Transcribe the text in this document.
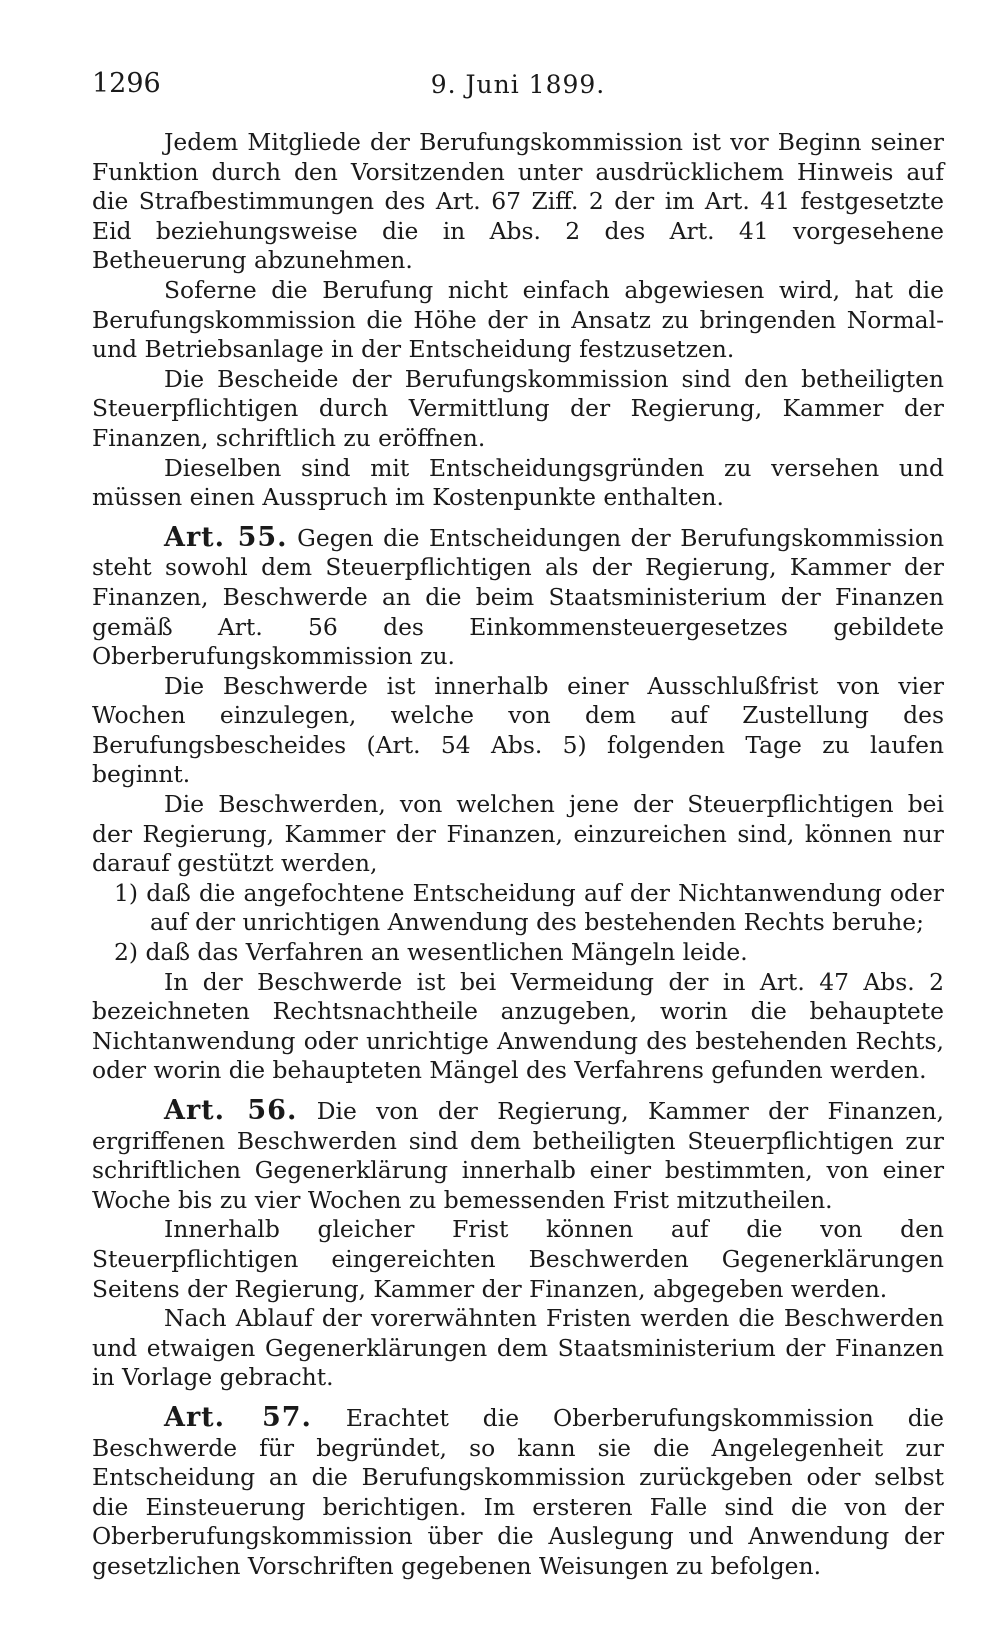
1296	9. Juni 1899.

Jedem Mitgliede der Berufungskommission ist vor Beginn seiner Funktion durch den Vorsitzenden unter ausdrücklichem Hinweis auf die Strafbestimmungen des Art. 67 Ziff. 2 der im Art. 41 festgesetzte Eid beziehungsweise die in Abs. 2 des Art. 41 vorgesehene Betheuerung abzunehmen.

Soferne die Berufung nicht einfach abgewiesen wird, hat die Berufungskommission die Höhe der in Ansatz zu bringenden Normal- und Betriebsanlage in der Entscheidung festzusetzen.

Die Bescheide der Berufungskommission sind den betheiligten Steuerpflichtigen durch Vermittlung der Regierung, Kammer der Finanzen, schriftlich zu eröffnen.

Dieselben sind mit Entscheidungsgründen zu versehen und müssen einen Ausspruch im Kostenpunkte enthalten.

Art. 55. Gegen die Entscheidungen der Berufungskommission steht sowohl dem Steuerpflichtigen als der Regierung, Kammer der Finanzen, Beschwerde an die beim Staatsministerium der Finanzen gemäß Art. 56 des Einkommensteuergesetzes gebildete Oberberufungskommission zu.

Die Beschwerde ist innerhalb einer Ausschlußfrist von vier Wochen einzulegen, welche von dem auf Zustellung des Berufungsbescheides (Art. 54 Abs. 5) folgenden Tage zu laufen beginnt.

Die Beschwerden, von welchen jene der Steuerpflichtigen bei der Regierung, Kammer der Finanzen, einzureichen sind, können nur darauf gestützt werden,

1) daß die angefochtene Entscheidung auf der Nichtanwendung oder auf der unrichtigen Anwendung des bestehenden Rechts beruhe;

2) daß das Verfahren an wesentlichen Mängeln leide.

In der Beschwerde ist bei Vermeidung der in Art. 47 Abs. 2 bezeichneten Rechtsnachtheile anzugeben, worin die behauptete Nichtanwendung oder unrichtige Anwendung des bestehenden Rechts, oder worin die behaupteten Mängel des Verfahrens gefunden werden.

Art. 56. Die von der Regierung, Kammer der Finanzen, ergriffenen Beschwerden sind dem betheiligten Steuerpflichtigen zur schriftlichen Gegenerklärung innerhalb einer bestimmten, von einer Woche bis zu vier Wochen zu bemessenden Frist mitzutheilen.

Innerhalb gleicher Frist können auf die von den Steuerpflichtigen eingereichten Beschwerden Gegenerklärungen Seitens der Regierung, Kammer der Finanzen, abgegeben werden.

Nach Ablauf der vorerwähnten Fristen werden die Beschwerden und etwaigen Gegenerklärungen dem Staatsministerium der Finanzen in Vorlage gebracht.

Art. 57. Erachtet die Oberberufungskommission die Beschwerde für begründet, so kann sie die Angelegenheit zur Entscheidung an die Berufungskommission zurückgeben oder selbst die Einsteuerung berichtigen. Im ersteren Falle sind die von der Oberberufungskommission über die Auslegung und Anwendung der gesetzlichen Vorschriften gegebenen Weisungen zu befolgen.
